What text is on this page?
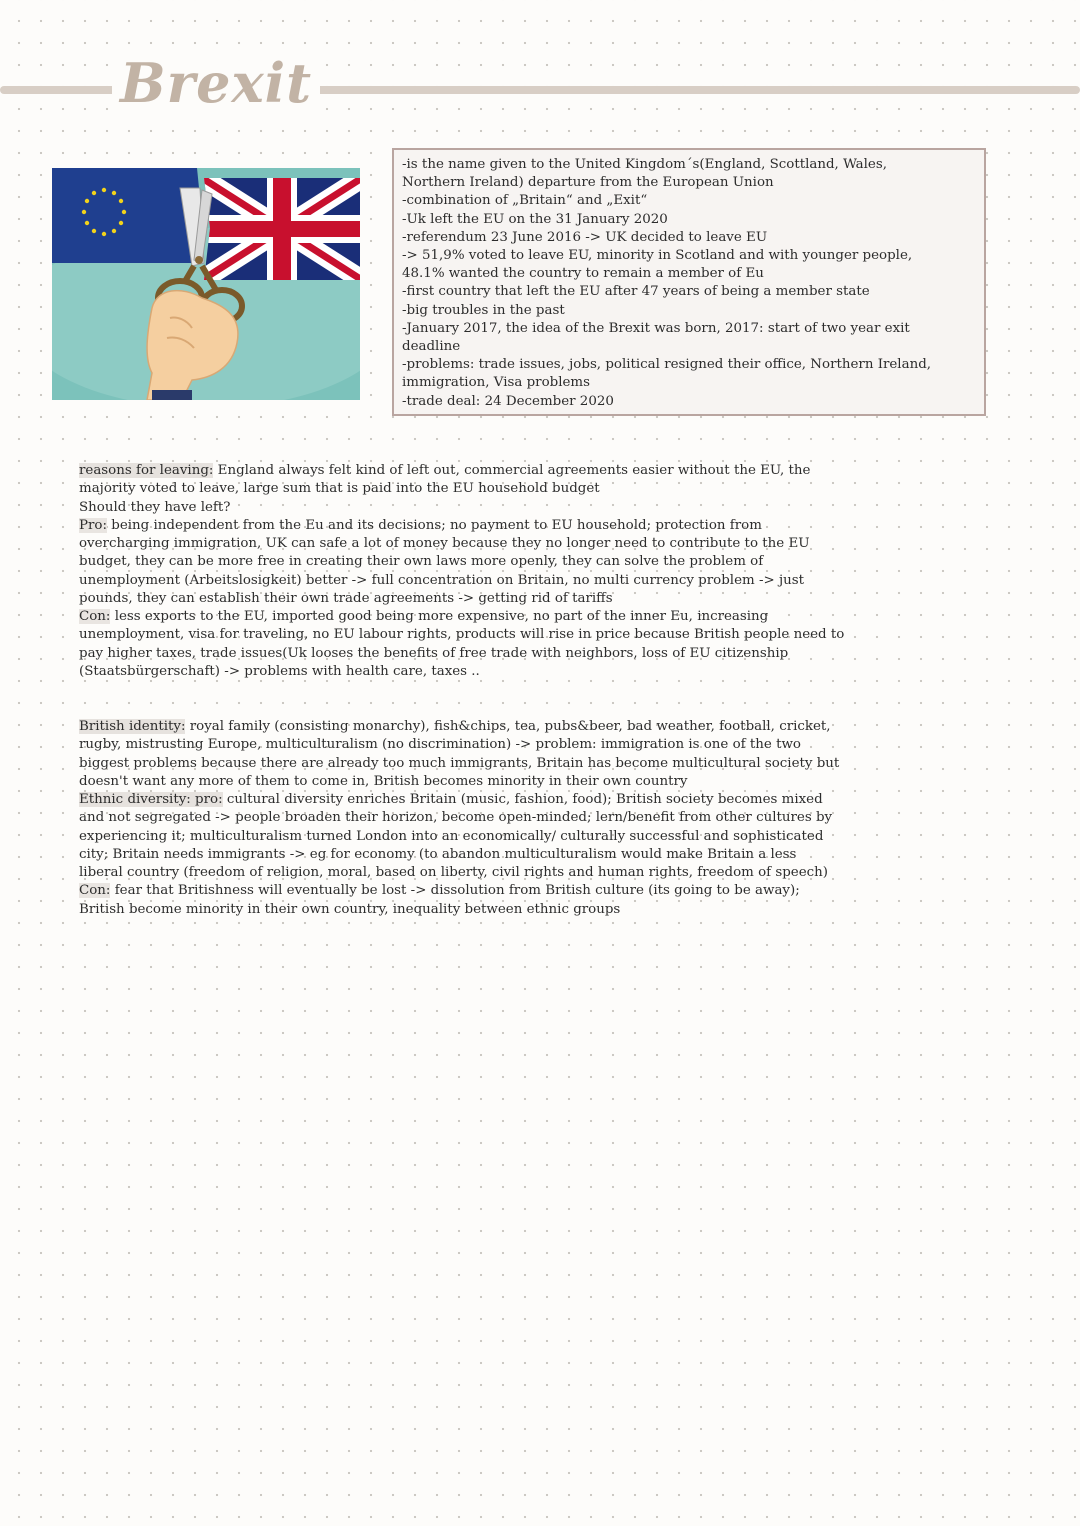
Brexit
-is the name given to the United Kingdom´s(England, Scottland, Wales,
Northern Ireland) departure from the European Union
-combination of „Britain“ and „Exit“
-Uk left the EU on the 31 January 2020
-referendum 23 June 2016 -> UK decided to leave EU
-> 51,9% voted to leave EU, minority in Scotland and with younger people,
48.1% wanted the country to remain a member of Eu
-first country that left the EU after 47 years of being a member state
-big troubles in the past
-January 2017, the idea of the Brexit was born, 2017: start of two year exit
deadline
-problems: trade issues, jobs, political resigned their office, Northern Ireland,
immigration, Visa problems
-trade deal: 24 December 2020
reasons for leaving: England always felt kind of left out, commercial agreements easier without the EU, the
majority voted to leave, large sum that is paid into the EU household budget
Should they have left?
Pro: being independent from the Eu and its decisions; no payment to EU household; protection from
overcharging immigration, UK can safe a lot of money because they no longer need to contribute to the EU
budget, they can be more free in creating their own laws more openly, they can solve the problem of
unemployment (Arbeitslosigkeit) better -> full concentration on Britain, no multi currency problem -> just
pounds, they can establish their own trade agreements -> getting rid of tariffs
Con: less exports to the EU, imported good being more expensive, no part of the inner Eu, increasing
unemployment, visa for traveling, no EU labour rights, products will rise in price because British people need to
pay higher taxes, trade issues(Uk looses the benefits of free trade with neighbors, loss of EU citizenship
(Staatsbürgerschaft) -> problems with health care, taxes ..
British identity: royal family (consisting monarchy), fish&chips, tea, pubs&beer, bad weather, football, cricket,
rugby, mistrusting Europe, multiculturalism (no discrimination) -> problem: immigration is one of the two
biggest problems because there are already too much immigrants, Britain has become multicultural society but
doesn't want any more of them to come in, British becomes minority in their own country
Ethnic diversity: pro: cultural diversity enriches Britain (music, fashion, food); British society becomes mixed
and not segregated -> people broaden their horizon, become open-minded; lern/benefit from other cultures by
experiencing it; multiculturalism turned London into an economically/ culturally successful and sophisticated
city; Britain needs immigrants -> eg for economy (to abandon multiculturalism would make Britain a less
liberal country (freedom of religion, moral, based on liberty, civil rights and human rights, freedom of speech)
Con: fear that Britishness will eventually be lost -> dissolution from British culture (its going to be away);
British become minority in their own country, inequality between ethnic groups
